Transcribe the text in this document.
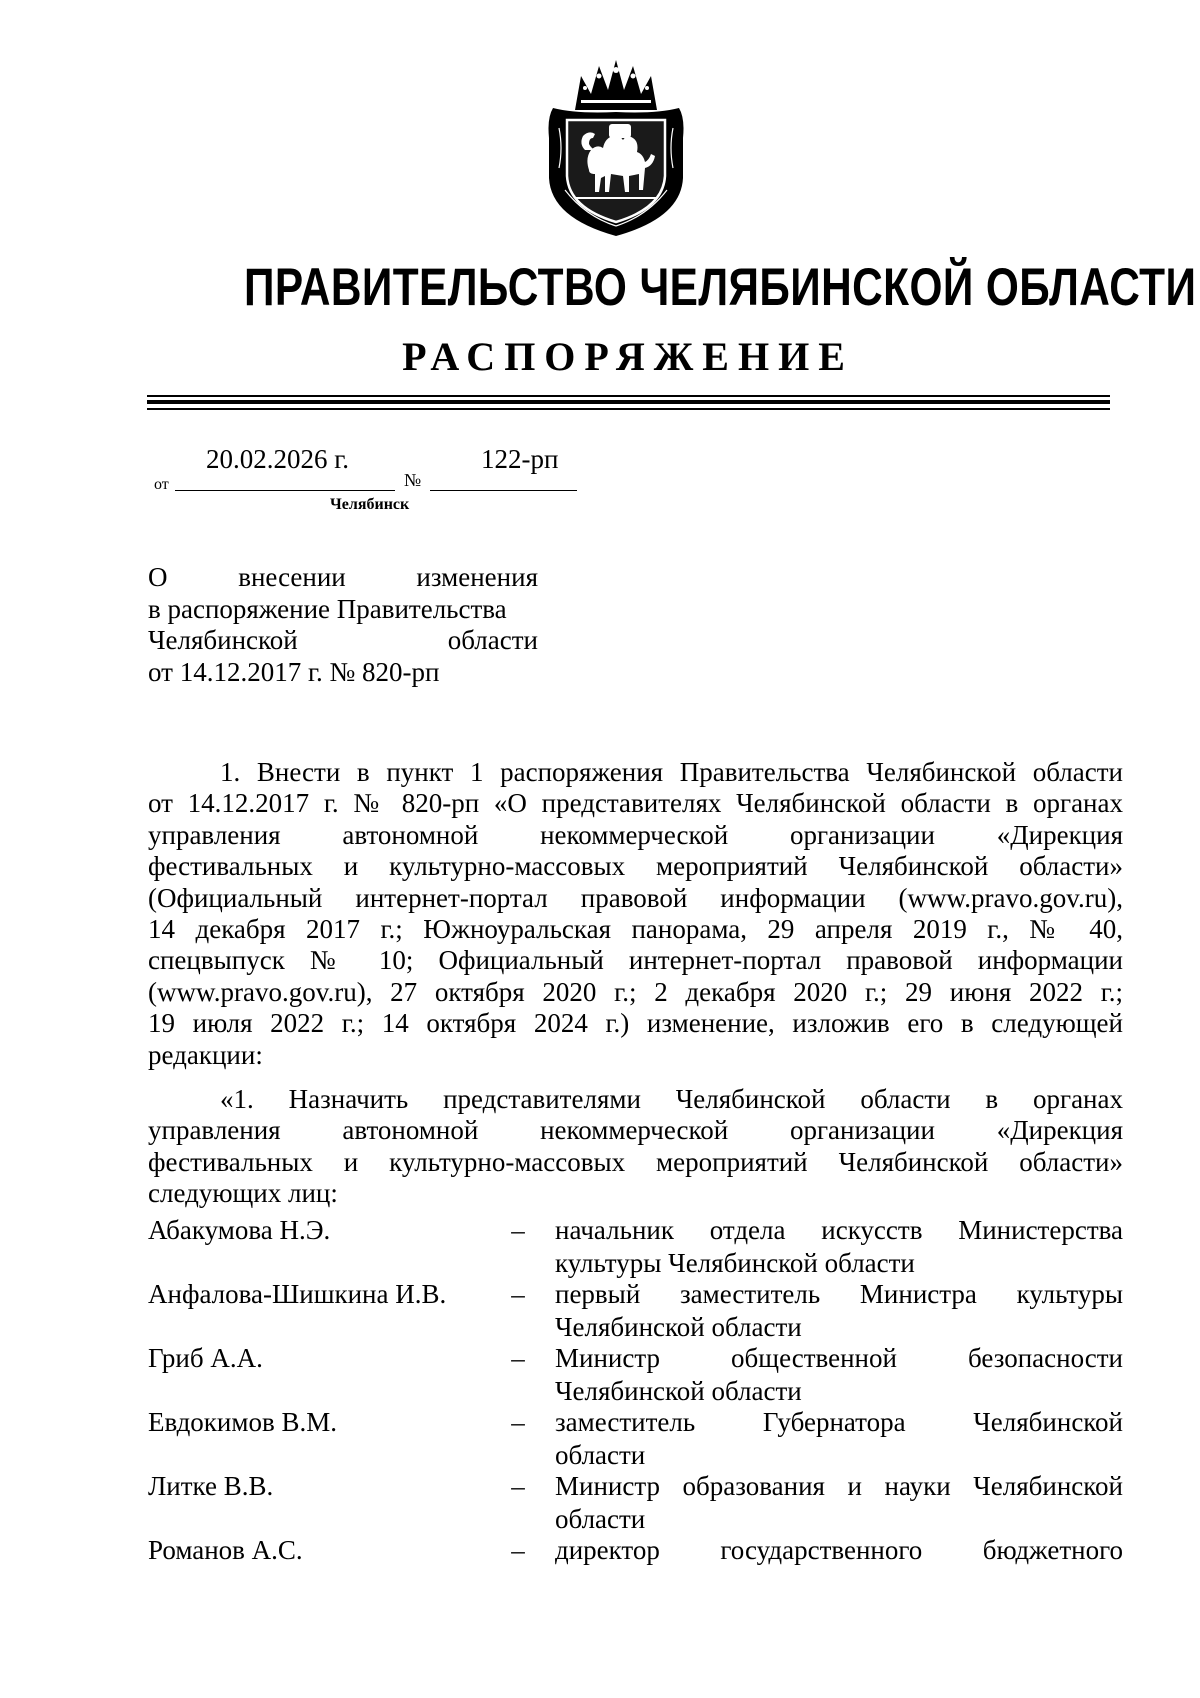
ПРАВИТЕЛЬСТВО ЧЕЛЯБИНСКОЙ ОБЛАСТИ
РАСПОРЯЖЕНИЕ
20.02.2026 г.	122-рп
от	№
Челябинск
О внесении изменения
в распоряжение Правительства
Челябинской области
от 14.12.2017 г. № 820-рп
1. Внести в пункт 1 распоряжения Правительства Челябинской области
от 14.12.2017 г. № 820-рп «О представителях Челябинской области в органах
управления автономной некоммерческой организации «Дирекция
фестивальных и культурно-массовых мероприятий Челябинской области»
(Официальный интернет-портал правовой информации (www.pravo.gov.ru),
14 декабря 2017 г.; Южноуральская панорама, 29 апреля 2019 г., № 40,
спецвыпуск № 10; Официальный интернет-портал правовой информации
(www.pravo.gov.ru), 27 октября 2020 г.; 2 декабря 2020 г.; 29 июня 2022 г.;
19 июля 2022 г.; 14 октября 2024 г.) изменение, изложив его в следующей
редакции:
«1. Назначить представителями Челябинской области в органах
управления автономной некоммерческой организации «Дирекция
фестивальных и культурно-массовых мероприятий Челябинской области»
следующих лиц:
Абакумова Н.Э.	– начальник отдела искусств Министерства
культуры Челябинской области
Анфалова-Шишкина И.В. – первый заместитель Министра культуры
Челябинской области
Гриб А.А.	– Министр общественной безопасности
Челябинской области
Евдокимов В.М.	– заместитель Губернатора Челябинской
области
Литке В.В.	– Министр образования и науки Челябинской
области
Романов А.С.	– директор государственного бюджетного
